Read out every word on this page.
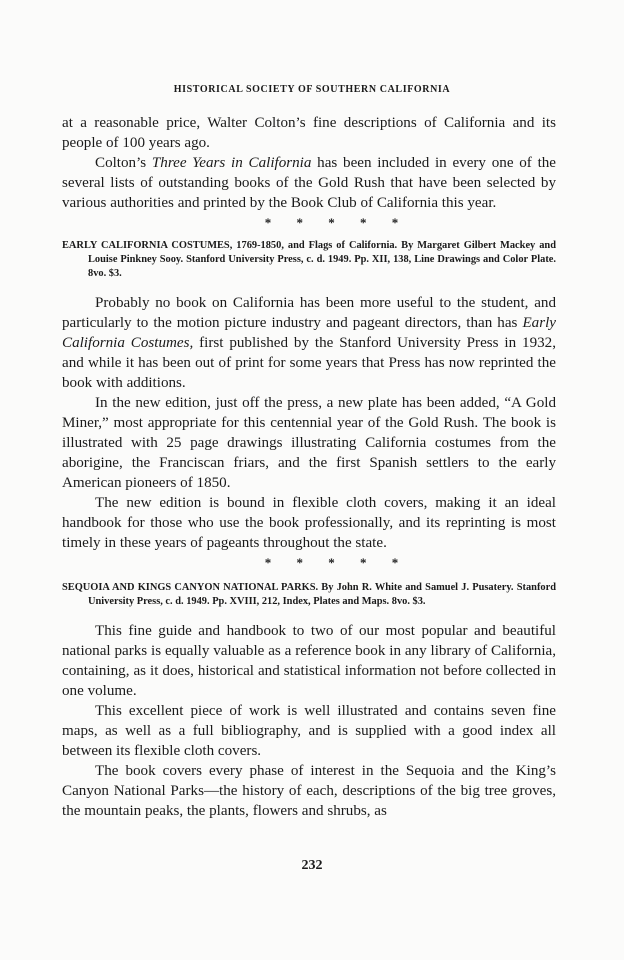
HISTORICAL SOCIETY OF SOUTHERN CALIFORNIA

at a reasonable price, Walter Colton’s fine descriptions of California and its people of 100 years ago.

Colton’s Three Years in California has been included in every one of the several lists of outstanding books of the Gold Rush that have been selected by various authorities and printed by the Book Club of California this year.

* * * * *

EARLY CALIFORNIA COSTUMES, 1769-1850, and Flags of California. By Margaret Gilbert Mackey and Louise Pinkney Sooy. Stanford University Press, c. d. 1949. Pp. XII, 138, Line Drawings and Color Plate. 8vo. $3.

Probably no book on California has been more useful to the student, and particularly to the motion picture industry and pageant directors, than has Early California Costumes, first published by the Stanford University Press in 1932, and while it has been out of print for some years that Press has now reprinted the book with additions.

In the new edition, just off the press, a new plate has been added, “A Gold Miner,” most appropriate for this centennial year of the Gold Rush. The book is illustrated with 25 page drawings illustrating California costumes from the aborigine, the Franciscan friars, and the first Spanish settlers to the early American pioneers of 1850.

The new edition is bound in flexible cloth covers, making it an ideal handbook for those who use the book professionally, and its reprinting is most timely in these years of pageants throughout the state.

* * * * *

SEQUOIA AND KINGS CANYON NATIONAL PARKS. By John R. White and Samuel J. Pusatery. Stanford University Press, c. d. 1949. Pp. XVIII, 212, Index, Plates and Maps. 8vo. $3.

This fine guide and handbook to two of our most popular and beautiful national parks is equally valuable as a reference book in any library of California, containing, as it does, historical and statistical information not before collected in one volume.

This excellent piece of work is well illustrated and contains seven fine maps, as well as a full bibliography, and is supplied with a good index all between its flexible cloth covers.

The book covers every phase of interest in the Sequoia and the King’s Canyon National Parks—the history of each, descriptions of the big tree groves, the mountain peaks, the plants, flowers and shrubs, as

232
